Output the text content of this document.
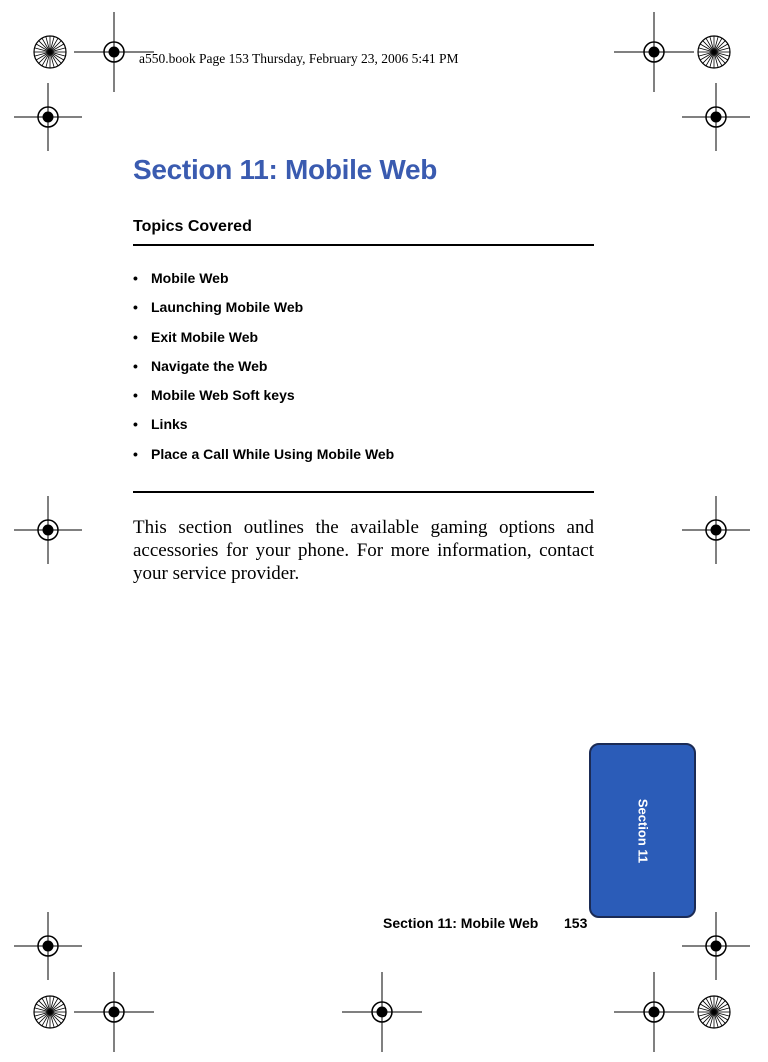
a550.book Page 153 Thursday, February 23, 2006 5:41 PM
Section 11: Mobile Web
Topics Covered
• Mobile Web
• Launching Mobile Web
• Exit Mobile Web
• Navigate the Web
• Mobile Web Soft keys
• Links
• Place a Call While Using Mobile Web

This section outlines the available gaming options and accessories for your phone. For more information, contact your service provider.

Section 11
Section 11: Mobile Web 153
